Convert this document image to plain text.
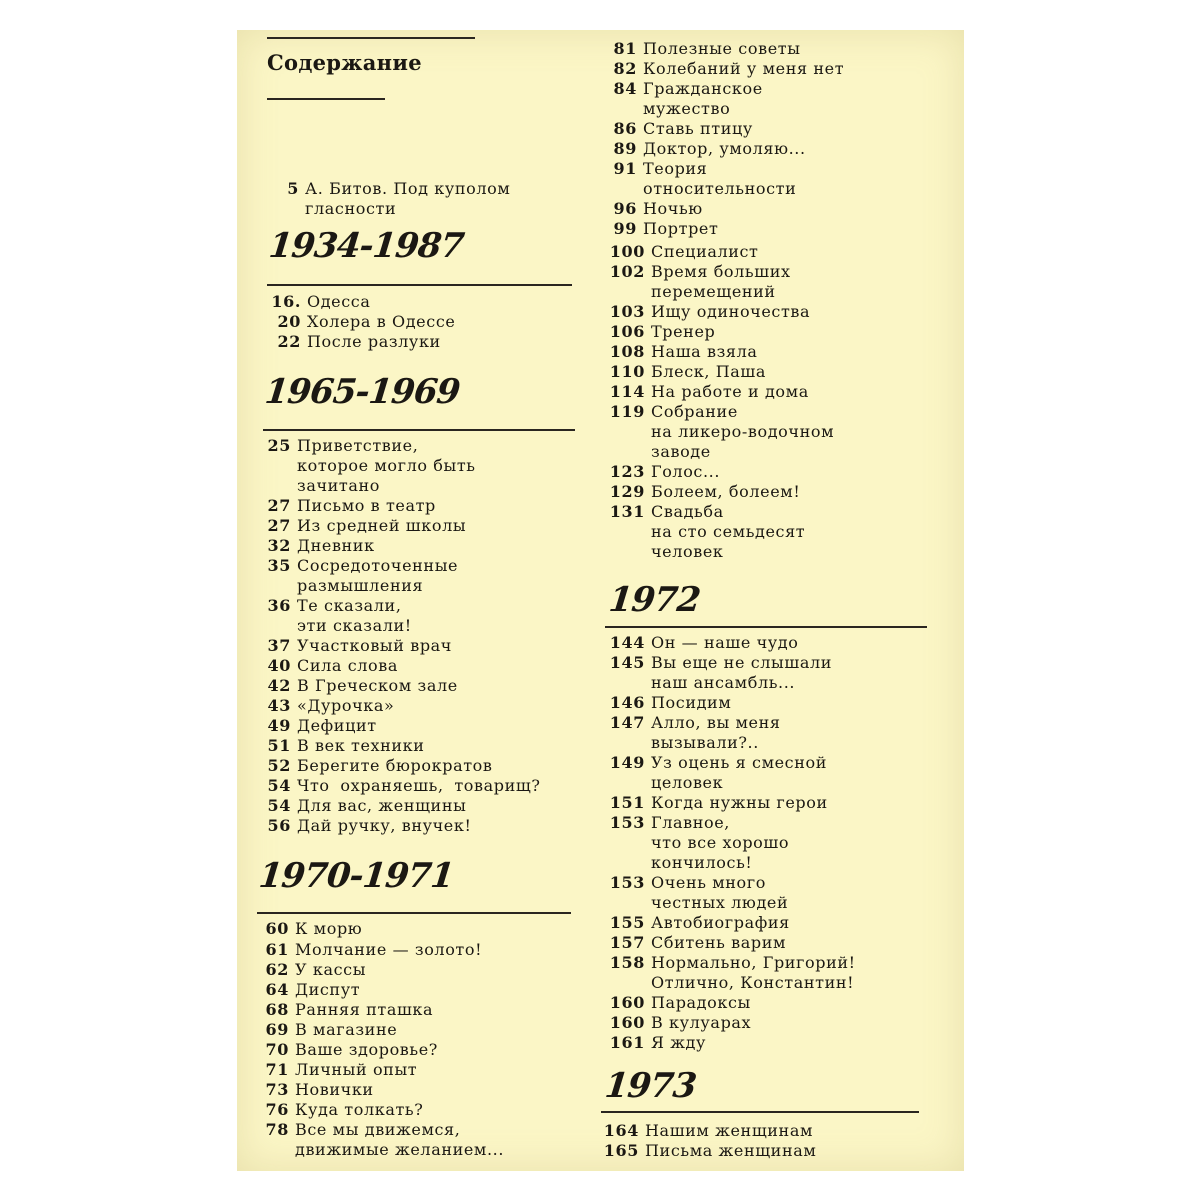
Содержание
5 А. Битов. Под куполом
гласности
1934-1987
16. Одесса
20 Холера в Одессе
22 После разлуки
1965-1969
25 Приветствие,
которое могло быть
зачитано
27 Письмо в театр
27 Из средней школы
32 Дневник
35 Сосредоточенные
размышления
36 Те сказали,
эти сказали!
37 Участковый врач
40 Сила слова
42 В Греческом зале
43 «Дурочка»
49 Дефицит
51 В век техники
52 Берегите бюрократов
54 Что охраняешь, товарищ?
54 Для вас, женщины
56 Дай ручку, внучек!
1970-1971
60 К морю
61 Молчание — золото!
62 У кассы
64 Диспут
68 Ранняя пташка
69 В магазине
70 Ваше здоровье?
71 Личный опыт
73 Новички
76 Куда толкать?
78 Все мы движемся,
движимые желанием...
81 Полезные советы
82 Колебаний у меня нет
84 Гражданское
мужество
86 Ставь птицу
89 Доктор, умоляю...
91 Теория
относительности
96 Ночью
99 Портрет
100 Специалист
102 Время больших
перемещений
103 Ищу одиночества
106 Тренер
108 Наша взяла
110 Блеск, Паша
114 На работе и дома
119 Собрание
на ликеро-водочном
заводе
123 Голос...
129 Болеем, болеем!
131 Свадьба
на сто семьдесят
человек
1972
144 Он — наше чудо
145 Вы еще не слышали
наш ансамбль...
146 Посидим
147 Алло, вы меня
вызывали?..
149 Уз оцень я смесной
целовек
151 Когда нужны герои
153 Главное,
что все хорошо
кончилось!
153 Очень много
честных людей
155 Автобиография
157 Сбитень варим
158 Нормально, Григорий!
Отлично, Константин!
160 Парадоксы
160 В кулуарах
161 Я жду
1973
164 Нашим женщинам
165 Письма женщинам
